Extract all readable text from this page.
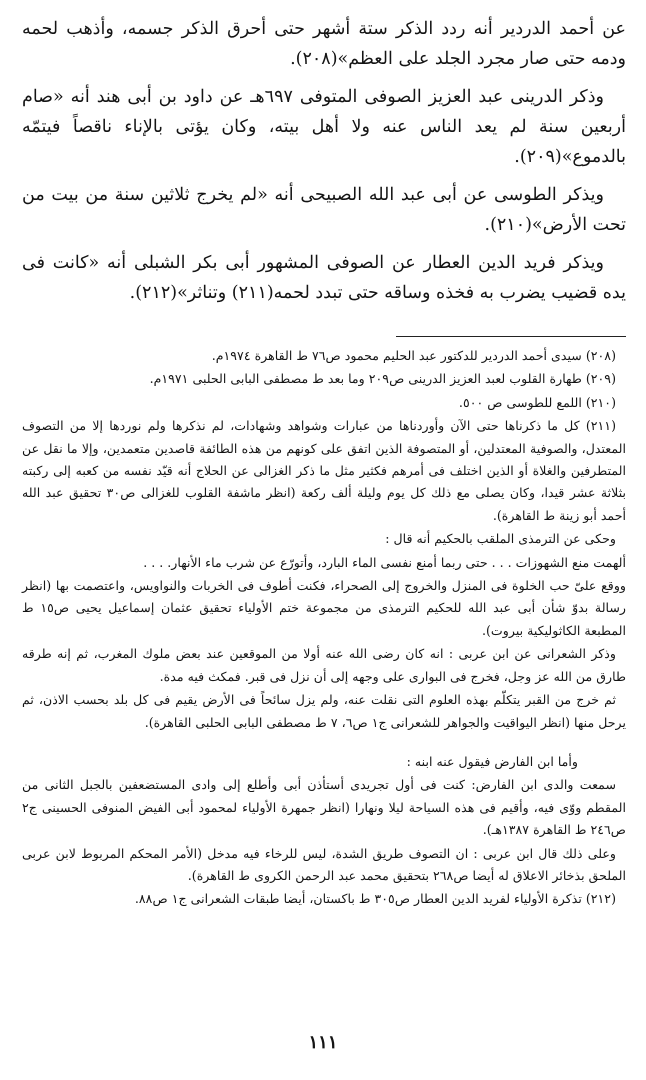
عن أحمد الدردير أنه ردد الذكر ستة أشهر حتى أحرق الذكر جسمه، وأذهب لحمه ودمه حتى صار مجرد الجلد على العظم»(٢٠٨).

وذكر الدرينى عبد العزيز الصوفى المتوفى ٦٩٧هـ عن داود بن أبى هند أنه «صام أربعين سنة لم يعد الناس عنه ولا أهل بيته، وكان يؤتى بالإناء ناقصاً فيتمّه بالدموع»(٢٠٩).

ويذكر الطوسى عن أبى عبد الله الصبيحى أنه «لم يخرج ثلاثين سنة من بيت من تحت الأرض»(٢١٠).

ويذكر فريد الدين العطار عن الصوفى المشهور أبى بكر الشبلى أنه «كانت فى يده قضيب يضرب به فخذه وساقه حتى تبدد لحمه(٢١١) وتناثر»(٢١٢).

(٢٠٨) سيدى أحمد الدردير للدكتور عبد الحليم محمود ص٧٦ ط القاهرة ١٩٧٤م.

(٢٠٩) طهارة القلوب لعبد العزيز الدرينى ص٢٠٩ وما بعد ط مصطفى البابى الحلبى ١٩٧١م.

(٢١٠) اللمع للطوسى ص ٥٠٠.

(٢١١) كل ما ذكرناها حتى الآن وأوردناها من عبارات وشواهد وشهادات، لم نذكرها ولم نوردها إلا من التصوف المعتدل، والصوفية المعتدلين، أو المتصوفة الذين اتفق على كونهم من هذه الطائفة قاصدين متعمدين، وإلا ما نقل عن المتطرفين والغلاة أو الذين اختلف فى أمرهم فكثير مثل ما ذكر الغزالى عن الحلاج أنه قيّد نفسه من كعبه إلى ركبته بثلاثة عشر قيدا، وكان يصلى مع ذلك كل يوم وليلة ألف ركعة (انظر ماشفة القلوب للغزالى ص٣٠ تحقيق عبد الله أحمد أبو زينة ط القاهرة).

وحكى عن الترمذى الملقب بالحكيم أنه قال :

ألهمت منع الشهوزات . . . حتى ربما أمنع نفسى الماء البارد، وأتورّع عن شرب ماء الأنهار. . . .

ووقع علىّ حب الخلوة فى المنزل والخروج إلى الصحراء، فكنت أطوف فى الخربات والنواويس، واعتصمت بها (انظر رسالة بدوّ شأن أبى عبد الله للحكيم الترمذى من مجموعة ختم الأولياء تحقيق عثمان إسماعيل يحيى ص١٥ ط المطبعة الكاثوليكية بيروت).

وذكر الشعرانى عن ابن عربى : انه كان رضى الله عنه أولا من الموقعين عند بعض ملوك المغرب، ثم إنه طرقه طارق من الله عز وجل، فخرج فى البوارى على وجهه إلى أن نزل فى قبر. فمكث فيه مدة.

ثم خرج من القبر يتكلّم بهذه العلوم التى نقلت عنه، ولم يزل سائحاً فى الأرض يقيم فى كل بلد بحسب الاذن، ثم يرحل منها (انظر اليواقيت والجواهر للشعرانى ج١ ص٦، ٧ ط مصطفى البابى الحلبى القاهرة).

وأما ابن الفارض فيقول عنه ابنه :

سمعت والدى ابن الفارض: كنت فى أول تجريدى أستأذن أبى وأطلع إلى وادى المستضعفين بالجبل الثانى من المقطم ووّى فيه، وأقيم فى هذه السياحة ليلا ونهارا (انظر جمهرة الأولياء لمحمود أبى الفيض المنوفى الحسينى ج٢ ص٢٤٦ ط القاهرة ١٣٨٧هـ).

وعلى ذلك قال ابن عربى : ان التصوف طريق الشدة، ليس للرخاء فيه مدخل (الأمر المحكم المربوط لابن عربى الملحق بذخائر الاعلاق له أيضا ص٢٦٨ بتحقيق محمد عبد الرحمن الكروى ط القاهرة).

(٢١٢) تذكرة الأولياء لفريد الدين العطار ص٣٠٥ ط باكستان، أيضا طبقات الشعرانى ج١ ص٨٨.

١١١
